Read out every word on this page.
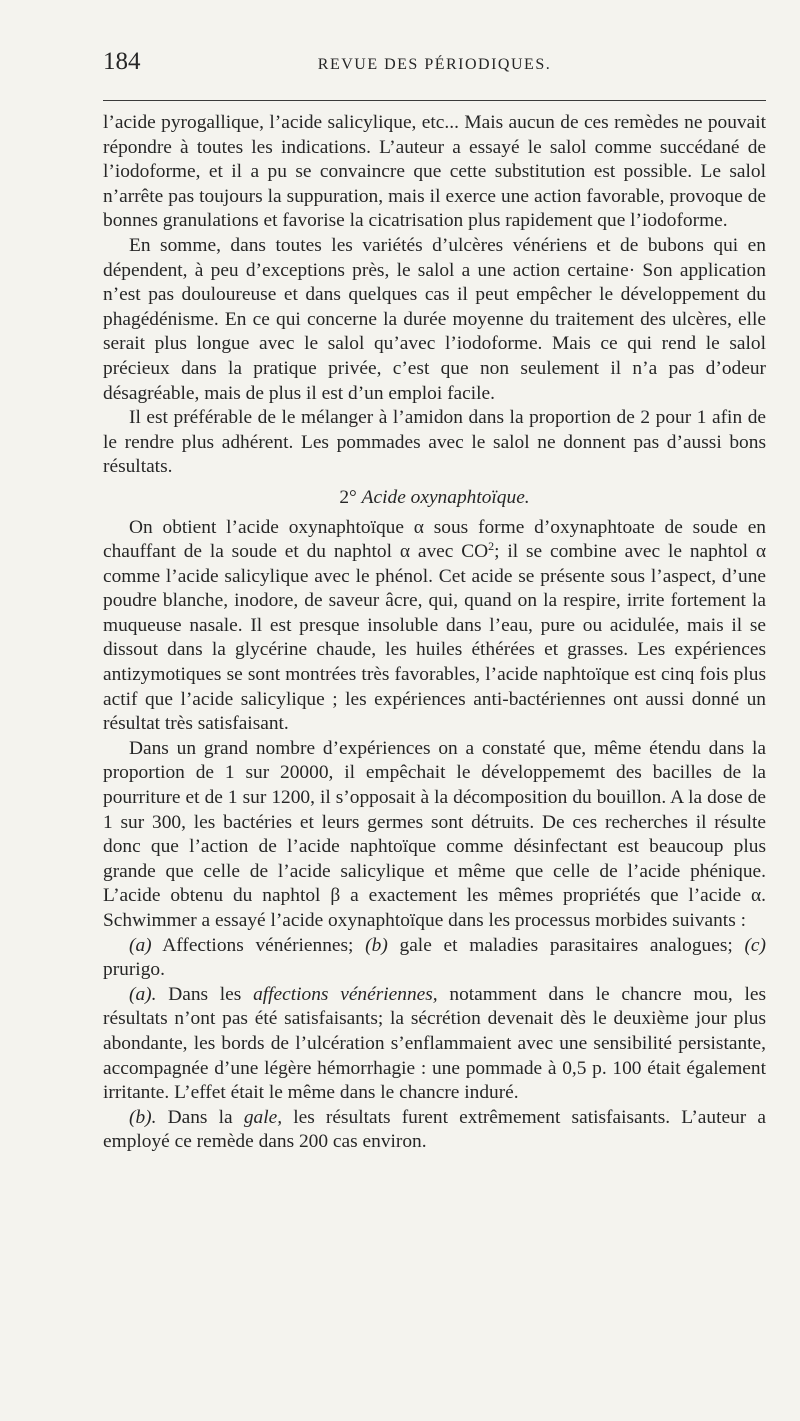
184	REVUE DES PÉRIODIQUES.

l’acide pyrogallique, l’acide salicylique, etc... Mais aucun de ces remèdes ne pouvait répondre à toutes les indications. L’auteur a essayé le salol comme succédané de l’iodoforme, et il a pu se convaincre que cette substitution est possible. Le salol n’arrête pas toujours la suppuration, mais il exerce une action favorable, provoque de bonnes granulations et favorise la cicatrisation plus rapidement que l’iodoforme.

En somme, dans toutes les variétés d’ulcères vénériens et de bubons qui en dépendent, à peu d’exceptions près, le salol a une action certaine· Son application n’est pas douloureuse et dans quelques cas il peut empêcher le développement du phagédénisme. En ce qui concerne la durée moyenne du traitement des ulcères, elle serait plus longue avec le salol qu’avec l’iodoforme. Mais ce qui rend le salol précieux dans la pratique privée, c’est que non seulement il n’a pas d’odeur désagréable, mais de plus il est d’un emploi facile.

Il est préférable de le mélanger à l’amidon dans la proportion de 2 pour 1 afin de le rendre plus adhérent. Les pommades avec le salol ne donnent pas d’aussi bons résultats.

2° Acide oxynaphtoïque.

On obtient l’acide oxynaphtoïque α sous forme d’oxynaphtoate de soude en chauffant de la soude et du naphtol α avec $CO^2$; il se combine avec le naphtol α comme l’acide salicylique avec le phénol. Cet acide se présente sous l’aspect, d’une poudre blanche, inodore, de saveur âcre, qui, quand on la respire, irrite fortement la muqueuse nasale. Il est presque insoluble dans l’eau, pure ou acidulée, mais il se dissout dans la glycérine chaude, les huiles éthérées et grasses. Les expériences antizymotiques se sont montrées très favorables, l’acide naphtoïque est cinq fois plus actif que l’acide salicylique ; les expériences anti-bactériennes ont aussi donné un résultat très satisfaisant.

Dans un grand nombre d’expériences on a constaté que, même étendu dans la proportion de 1 sur 20000, il empêchait le développememt des bacilles de la pourriture et de 1 sur 1200, il s’opposait à la décomposition du bouillon. A la dose de 1 sur 300, les bactéries et leurs germes sont détruits. De ces recherches il résulte donc que l’action de l’acide naphtoïque comme désinfectant est beaucoup plus grande que celle de l’acide salicylique et même que celle de l’acide phénique. L’acide obtenu du naphtol β a exactement les mêmes propriétés que l’acide α. Schwimmer a essayé l’acide oxynaphtoïque dans les processus morbides suivants :

(a) Affections vénériennes; (b) gale et maladies parasitaires analogues; (c) prurigo.

(a). Dans les affections vénériennes, notamment dans le chancre mou, les résultats n’ont pas été satisfaisants; la sécrétion devenait dès le deuxième jour plus abondante, les bords de l’ulcération s’enflammaient avec une sensibilité persistante, accompagnée d’une légère hémorrhagie : une pommade à 0,5 p. 100 était également irritante. L’effet était le même dans le chancre induré.

(b). Dans la gale, les résultats furent extrêmement satisfaisants. L’auteur a employé ce remède dans 200 cas environ.
